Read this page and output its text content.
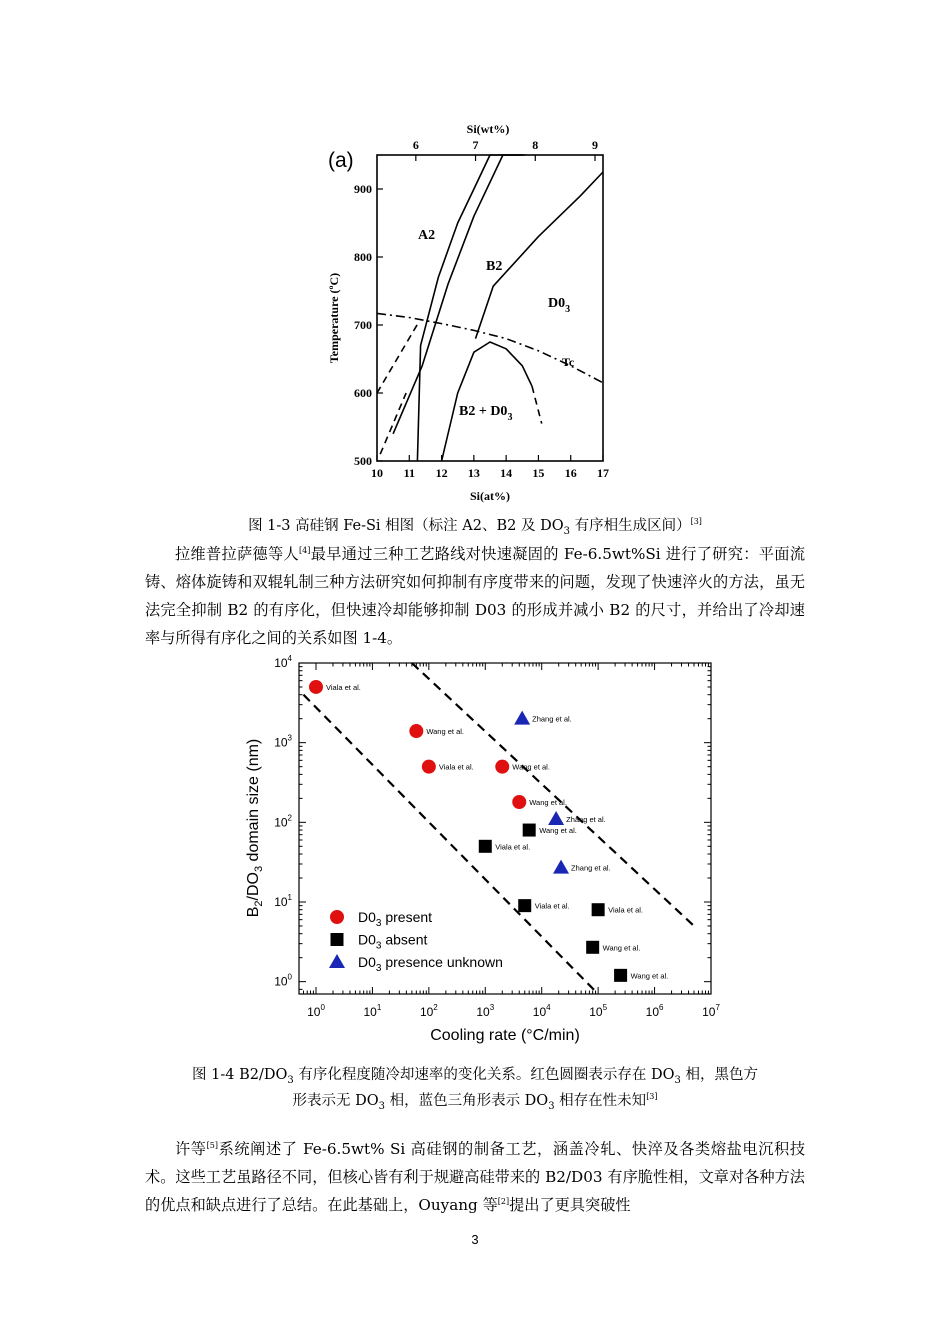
(a)
Si(wt%)
Si(at%)
Temperature (ºC)
10 11 12 13 14 15 16 17
500
600
700
800
900
6	7	8	9
A2
B2
$D0_3$
Tc
$B2 + D0_3$
图 1-3 高硅钢 Fe-Si 相图（标注 A2、B2 及 $DO_3$ 有序相生成区间）[3]

拉维普拉萨德等人[4]最早通过三种工艺路线对快速凝固的 Fe-6.5wt%Si 进行了研究：平面流铸、熔体旋铸和双辊轧制三种方法研究如何抑制有序度带来的问题，发现了快速淬火的方法，虽无法完全抑制 B2 的有序化，但快速冷却能够抑制 D03 的形成并减小 B2 的尺寸，并给出了冷却速率与所得有序化之间的关系如图 1-4。

$10^0$	$10^1$	$10^2$	$10^3$	$10^4$	$10^5$	$10^6$	$10^7$
$10^0$
$10^1$
$10^2$
$10^3$
$10^4$
Viala et al.
Wang et al.
Viala et al.	Wang et al.
Wang et al.
Viala et al.
Wang et al.
Viala et al.	Viala et al.
Wang et al.
Wang et al.
Zhang et al.
Zhang et al.
Zhang et al.
Cooling rate (°C/min)
$B_2/DO_3$ domain size (nm)
$D0_3$ present
$D0_3$ absent
$D0_3$ presence unknown
图 1-4 $B2/DO_3$ 有序化程度随冷却速率的变化关系。红色圆圈表示存在 $DO_3$ 相，黑色方
形表示无 $DO_3$ 相，蓝色三角形表示 $DO_3$ 相存在性未知[3]

许等[5]系统阐述了 Fe-6.5wt% Si 高硅钢的制备工艺，涵盖冷轧、快淬及各类熔盐电沉积技术。这些工艺虽路径不同，但核心皆有利于规避高硅带来的 B2/D03 有序脆性相，文章对各种方法的优点和缺点进行了总结。在此基础上，Ouyang 等[2]提出了更具突破性

3
